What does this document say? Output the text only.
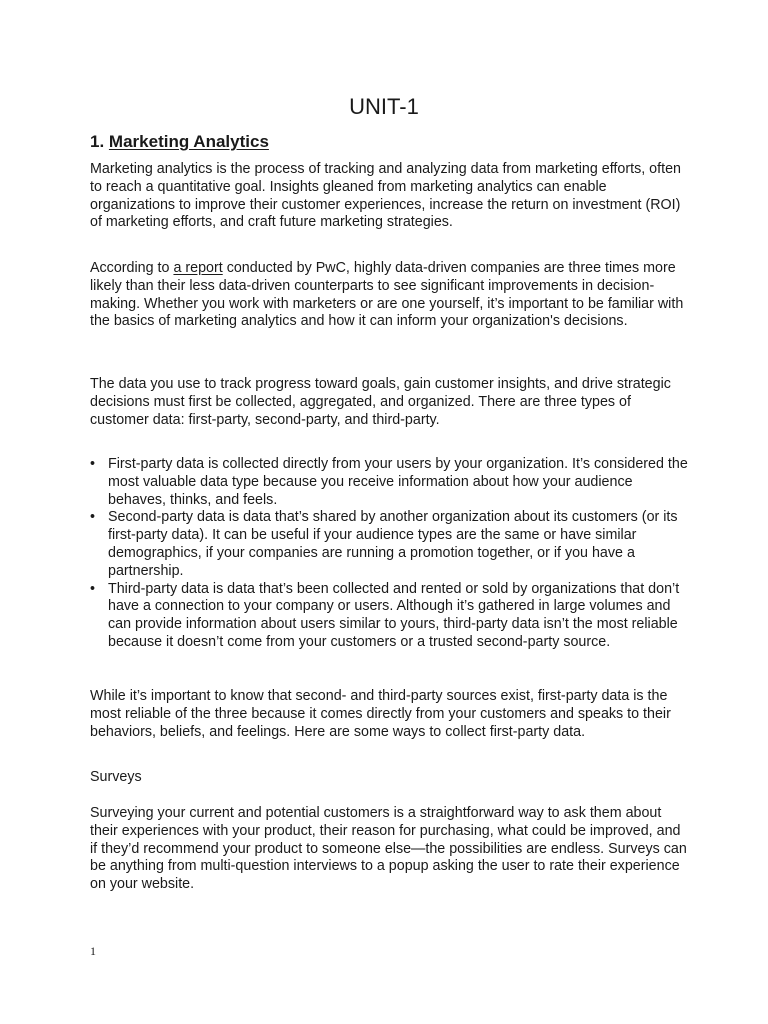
UNIT-1
1. Marketing Analytics

Marketing analytics is the process of tracking and analyzing data from marketing efforts, often to reach a quantitative goal. Insights gleaned from marketing analytics can enable organizations to improve their customer experiences, increase the return on investment (ROI) of marketing efforts, and craft future marketing strategies.

According to a report conducted by PwC, highly data-driven companies are three times more likely than their less data-driven counterparts to see significant improvements in decision-making. Whether you work with marketers or are one yourself, it’s important to be familiar with the basics of marketing analytics and how it can inform your organization's decisions.

The data you use to track progress toward goals, gain customer insights, and drive strategic decisions must first be collected, aggregated, and organized. There are three types of customer data: first-party, second-party, and third-party.

• First-party data is collected directly from your users by your organization. It’s considered the most valuable data type because you receive information about how your audience behaves, thinks, and feels.
• Second-party data is data that’s shared by another organization about its customers (or its first-party data). It can be useful if your audience types are the same or have similar demographics, if your companies are running a promotion together, or if you have a partnership.
• Third-party data is data that’s been collected and rented or sold by organizations that don’t have a connection to your company or users. Although it’s gathered in large volumes and can provide information about users similar to yours, third-party data isn’t the most reliable because it doesn’t come from your customers or a trusted second-party source.

While it’s important to know that second- and third-party sources exist, first-party data is the most reliable of the three because it comes directly from your customers and speaks to their behaviors, beliefs, and feelings. Here are some ways to collect first-party data.

Surveys

Surveying your current and potential customers is a straightforward way to ask them about their experiences with your product, their reason for purchasing, what could be improved, and if they’d recommend your product to someone else—the possibilities are endless. Surveys can be anything from multi-question interviews to a popup asking the user to rate their experience on your website.

1
